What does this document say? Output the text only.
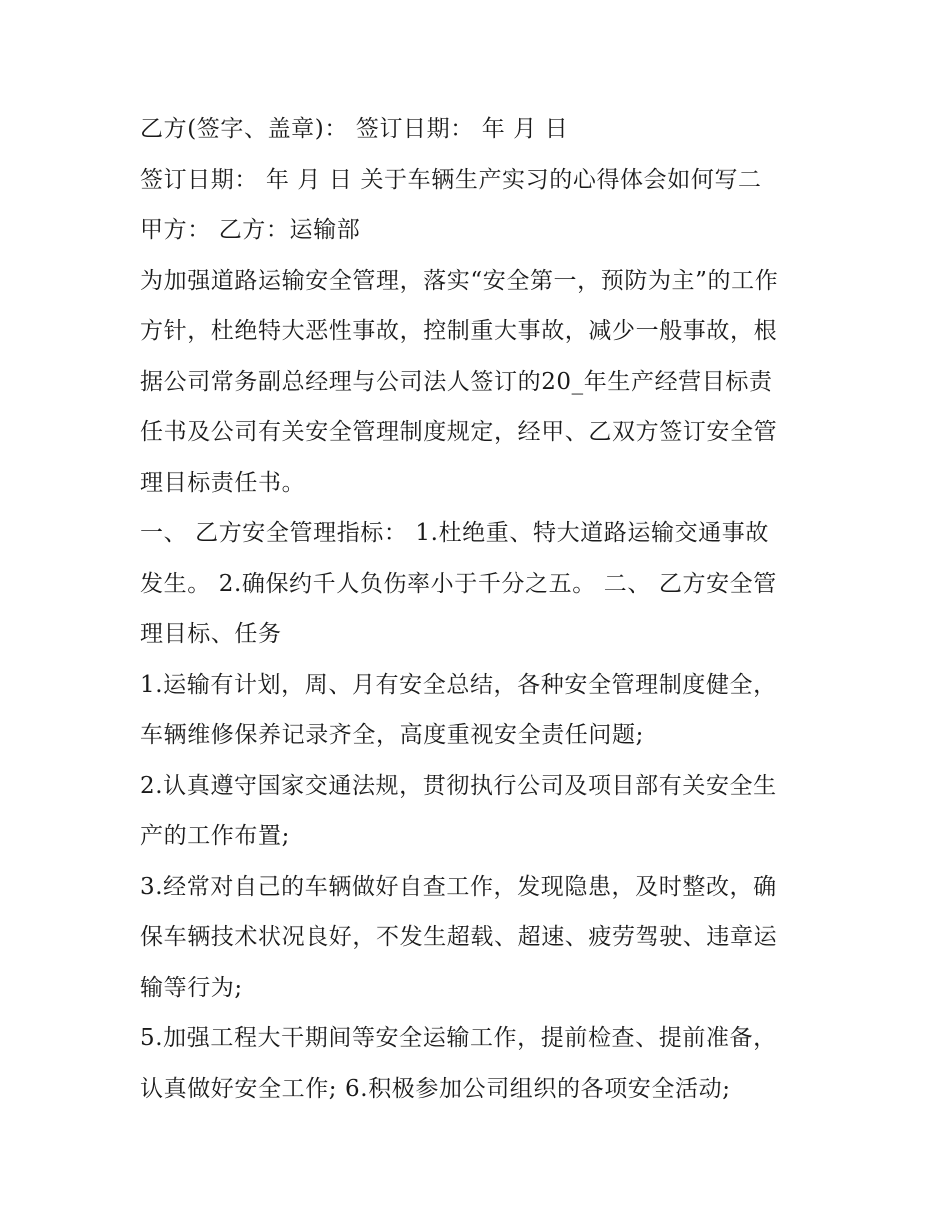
乙方(签字、盖章)： 签订日期： 年 月 日
签订日期： 年 月 日 关于车辆生产实习的心得体会如何写二
甲方： 乙方：运输部
为加强道路运输安全管理，落实“安全第一，预防为主”的工作
方针，杜绝特大恶性事故，控制重大事故，减少一般事故，根
据公司常务副总经理与公司法人签订的20_年生产经营目标责
任书及公司有关安全管理制度规定，经甲、乙双方签订安全管
理目标责任书。
一、 乙方安全管理指标： 1.杜绝重、特大道路运输交通事故
发生。 2.确保约千人负伤率小于千分之五。 二、 乙方安全管
理目标、任务
1.运输有计划，周、月有安全总结，各种安全管理制度健全，
车辆维修保养记录齐全，高度重视安全责任问题;
2.认真遵守国家交通法规，贯彻执行公司及项目部有关安全生
产的工作布置;
3.经常对自己的车辆做好自查工作，发现隐患，及时整改，确
保车辆技术状况良好，不发生超载、超速、疲劳驾驶、违章运
输等行为;
5.加强工程大干期间等安全运输工作，提前检查、提前准备，
认真做好安全工作; 6.积极参加公司组织的各项安全活动;
